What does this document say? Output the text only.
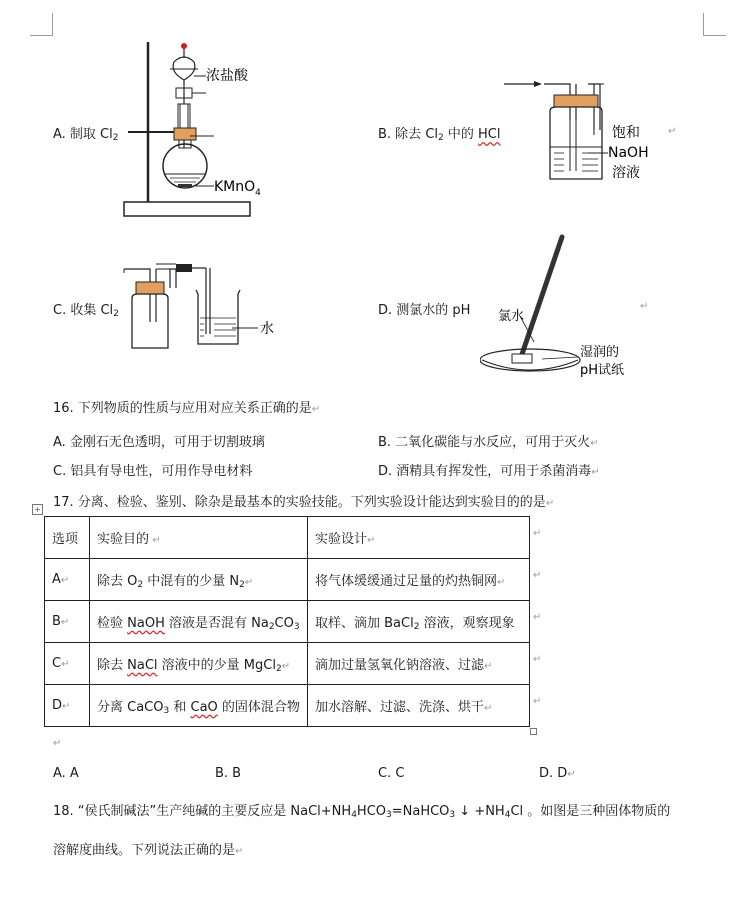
浓盐酸
KMnO$_4$
A. 制取 $Cl_2$	B. 除去 $Cl_2$ 中的 HCl	↵
饱和
NaOH
溶液
C. 收集 $Cl_2$
水
D. 测氯水的 pH	↵
氯水
湿润的
pH试纸
16. 下列物质的性质与应用对应关系正确的是↵
A. 金刚石无色透明，可用于切割玻璃	B. 二氧化碳能与水反应，可用于灭火↵
C. 铝具有导电性，可用作导电材料	D. 酒精具有挥发性，可用于杀菌消毒↵
17. 分离、检验、鉴别、除杂是最基本的实验技能。下列实验设计能达到实验目的的是↵
+
选项	实验目的 ↵	实验设计↵
A↵	除去 $O_2$ 中混有的少量 $N_2↵$	将气体缓缓通过足量的灼热铜网↵
B↵	检验 NaOH 溶液是否混有 $Na_2CO_3$	取样、滴加 BaCl$_2$ 溶液，观察现象
C↵	除去 NaCl 溶液中的少量 MgCl$_2$↵	滴加过量氢氧化钠溶液、过滤↵
D↵	分离 CaCO$_3$ 和 CaO 的固体混合物	加水溶解、过滤、洗涤、烘干↵
↵
↵
↵
↵
↵
↵
A. A	B. B	C. C	D. D↵
18. “侯氏制碱法”生产纯碱的主要反应是 $NaCl+NH_4HCO_3=NaHCO_3$ ↓ $+NH_4Cl$ 。如图是三种固体物质的
溶解度曲线。下列说法正确的是↵
